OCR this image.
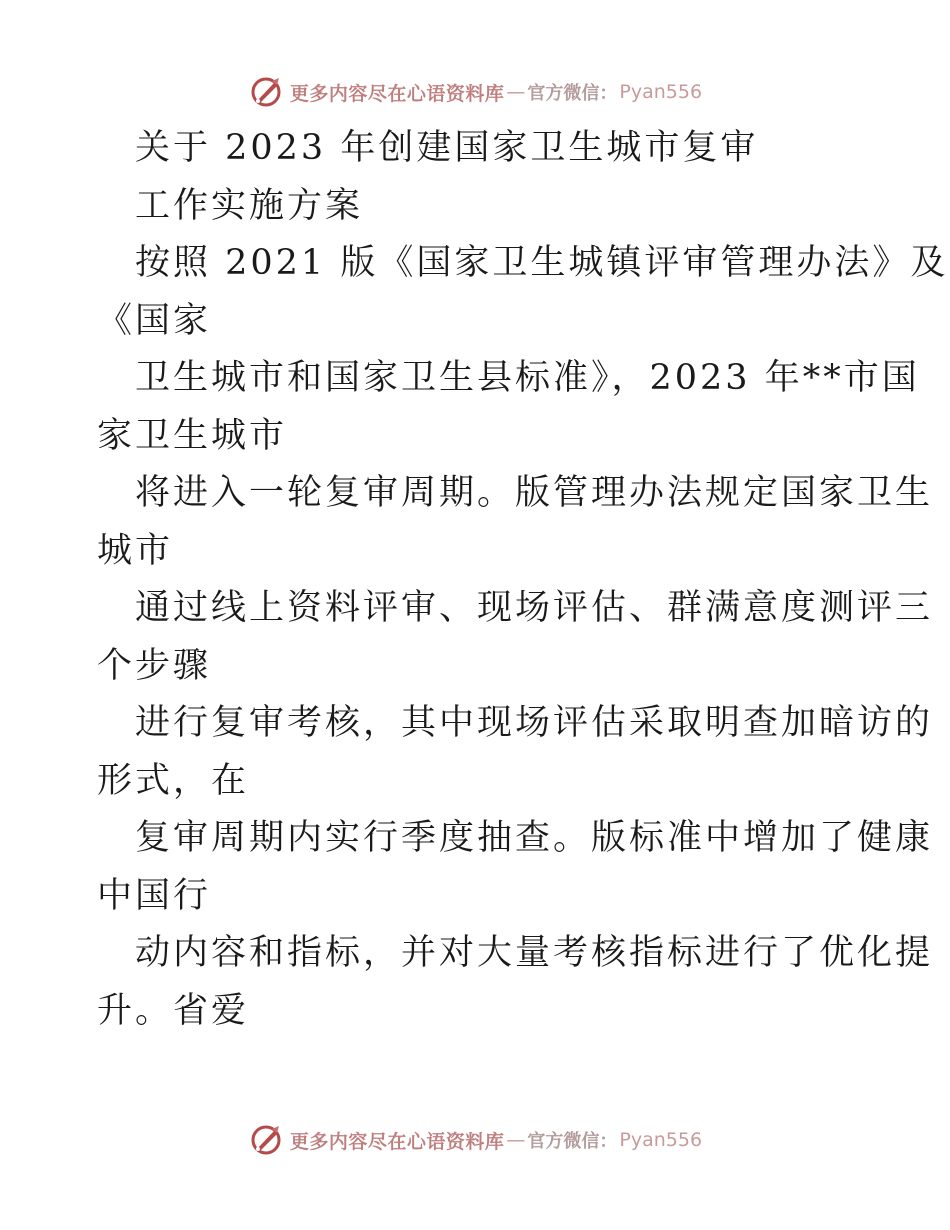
更多内容尽在心语资料库 — 官方微信： Pyan556
关于 2023 年创建国家卫生城市复审
工作实施方案
按照 2021 版《国家卫生城镇评审管理办法》及
《国家
卫生城市和国家卫生县标准》，2023 年**市国
家卫生城市
将进入一轮复审周期。版管理办法规定国家卫生
城市
通过线上资料评审、现场评估、群满意度测评三
个步骤
进行复审考核，其中现场评估采取明查加暗访的
形式，在
复审周期内实行季度抽查。版标准中增加了健康
中国行
动内容和指标，并对大量考核指标进行了优化提
升。省爱
更多内容尽在心语资料库 — 官方微信： Pyan556
